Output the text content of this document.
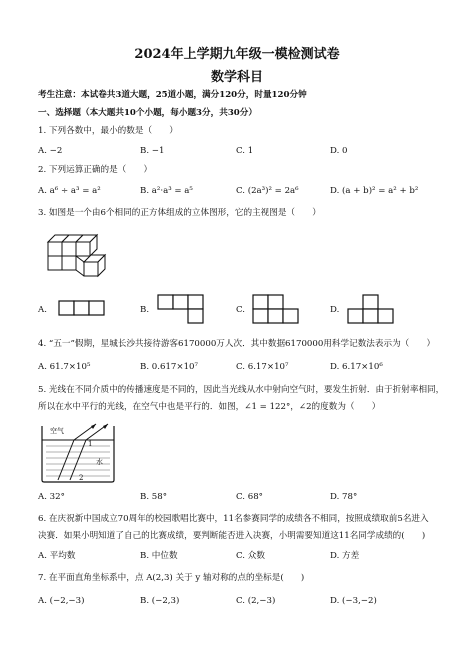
2024年上学期九年级一模检测试卷
数学科目
考生注意：本试卷共3道大题，25道小题，满分120分，时量120分钟
一、选择题（本大题共10个小题，每小题3分，共30分）
1. 下列各数中，最小的数是（　　）
A. −2	B. −1	C. 1	D. 0
2. 下列运算正确的是（　　）
A. a⁶ ÷ a³ = a²	B. a²·a³ = a⁵	C. (2a³)² = 2a⁶	D. (a + b)² = a² + b²
3. 如图是一个由6个相同的正方体组成的立体图形，它的主视图是（　　）
A.	B.	C.	D.
4. “五一”假期，星城长沙共接待游客6170000万人次．其中数据6170000用科学记数法表示为（　　）
A. 61.7×10⁵	B. 0.617×10⁷	C. 6.17×10⁷	D. 6.17×10⁶
5. 光线在不同介质中的传播速度是不同的，因此当光线从水中射向空气时，要发生折射．由于折射率相同，
所以在水中平行的光线，在空气中也是平行的．如图，∠1 = 122°，∠2的度数为（　　）
空气
水
1
2
A. 32°	B. 58°	C. 68°	D. 78°
6. 在庆祝新中国成立70周年的校园歌唱比赛中，11名参赛同学的成绩各不相同，按照成绩取前5名进入
决赛．如果小明知道了自己的比赛成绩，要判断能否进入决赛，小明需要知道这11名同学成绩的(　　)
A. 平均数	B. 中位数	C. 众数	D. 方差
7. 在平面直角坐标系中，点 A(2,3) 关于 y 轴对称的点的坐标是(　　)
A. (−2,−3)	B. (−2,3)	C. (2,−3)	D. (−3,−2)
